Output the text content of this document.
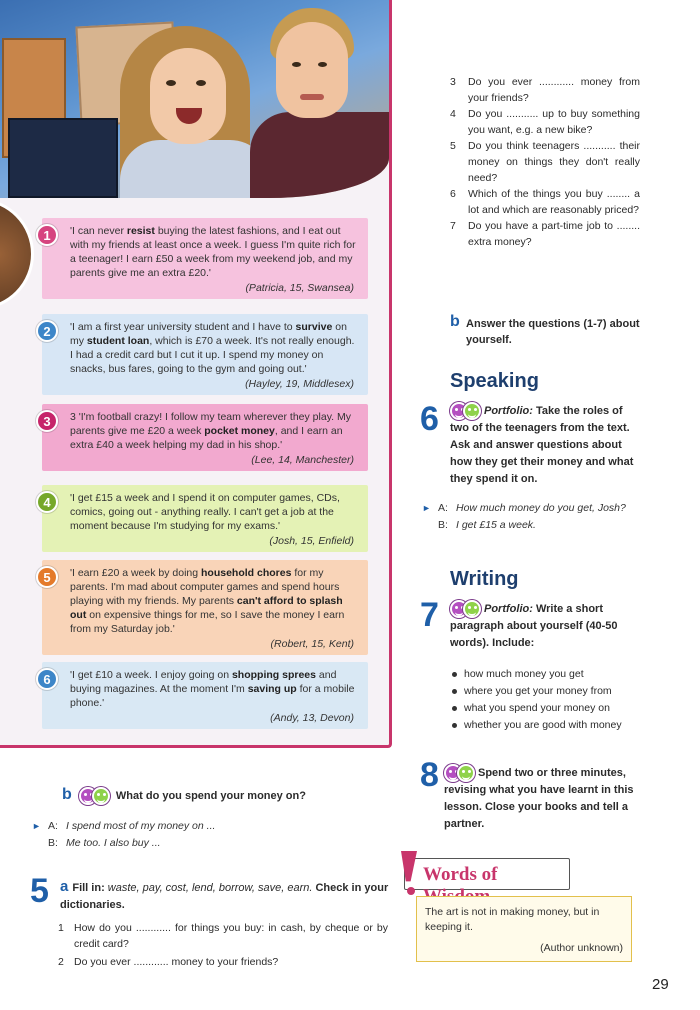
1	'I can never resist buying the latest fashions, and I eat out with my friends at least once a week. I guess I'm quite rich for a teenager! I earn £50 a week from my weekend job, and my parents give me an extra £20.'
(Patricia, 15, Swansea)
2	'I am a first year university student and I have to survive on my student loan, which is £70 a week. It's not really enough. I had a credit card but I cut it up. I spend my money on snacks, bus fares, going to the gym and going out.'
(Hayley, 19, Middlesex)
3	3 'I'm football crazy! I follow my team wherever they play. My parents give me £20 a week pocket money, and I earn an extra £40 a week helping my dad in his shop.'
(Lee, 14, Manchester)
4	'I get £15 a week and I spend it on computer games, CDs, comics, going out - anything really. I can't get a job at the moment because I'm studying for my exams.'
(Josh, 15, Enfield)
5	'I earn £20 a week by doing household chores for my parents. I'm mad about computer games and spend hours playing with my friends. My parents can't afford to splash out on expensive things for me, so I save the money I earn from my Saturday job.'
(Robert, 15, Kent)
6	'I get £10 a week. I enjoy going on shopping sprees and buying magazines. At the moment I'm saving up for a mobile phone.'
(Andy, 13, Devon)
3 Do you ever ............ money from your friends?
4 Do you ........... up to buy something you want, e.g. a new bike?
5 Do you think teenagers ........... their money on things they don't really need?
6 Which of the things you buy ........ a lot and which are reasonably priced?
7 Do you have a part-time job to ........ extra money?
b Answer the questions (1-7) about yourself.
Speaking
6	Portfolio: Take the roles of two of the teenagers from the text. Ask and answer questions about how they get their money and what they spend it on.
► A: How much money do you get, Josh?
B: I get £15 a week.
Writing
7	Portfolio: Write a short paragraph about yourself (40-50 words). Include:
how much money you get
where you get your money from
what you spend your money on
whether you are good with money
8	Spend two or three minutes, revising what you have learnt in this lesson. Close your books and tell a partner.
Words of
The art is not in making money, but in keeping it.
(Author unknown)
b	What do you spend your money on?
► A: I spend most of my money on ...
B: Me too. I also buy ...
5 a Fill in: waste, pay, cost, lend, borrow, save, earn. Check in your dictionaries.
1 How do you ............ for things you buy: in cash, by cheque or by credit card?
2 Do you ever ............ money to your friends?
29
